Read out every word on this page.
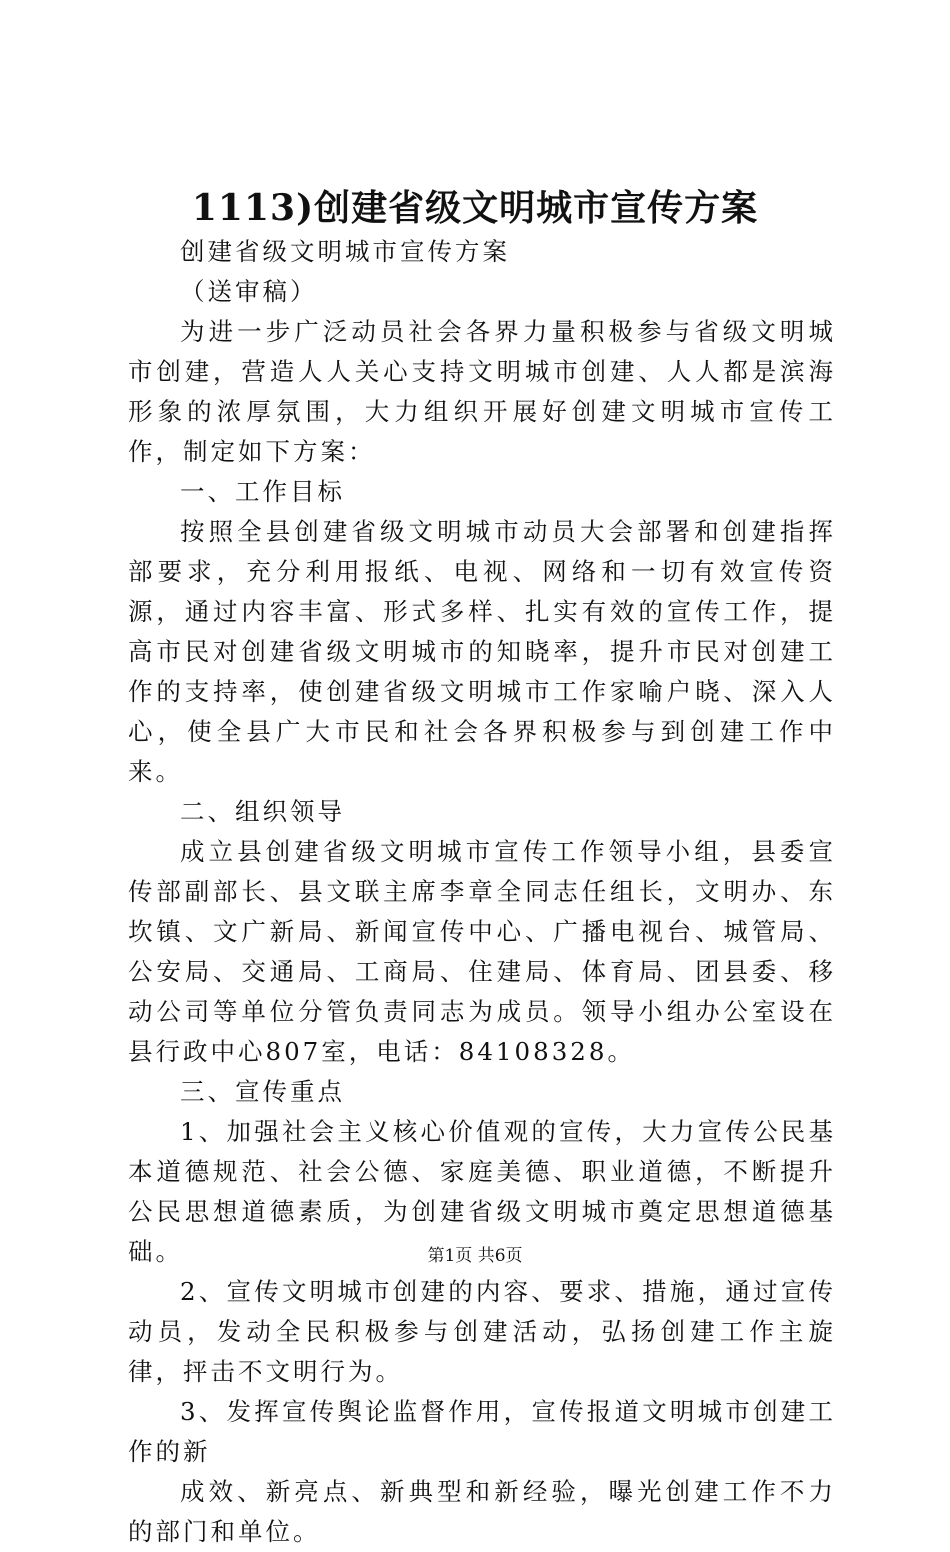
1113)创建省级文明城市宣传方案

创建省级文明城市宣传方案

（送审稿）

为进一步广泛动员社会各界力量积极参与省级文明城市创建，营造人人关心支持文明城市创建、人人都是滨海形象的浓厚氛围，大力组织开展好创建文明城市宣传工作，制定如下方案：

一、工作目标

按照全县创建省级文明城市动员大会部署和创建指挥部要求，充分利用报纸、电视、网络和一切有效宣传资源，通过内容丰富、形式多样、扎实有效的宣传工作，提高市民对创建省级文明城市的知晓率，提升市民对创建工作的支持率，使创建省级文明城市工作家喻户晓、深入人心，使全县广大市民和社会各界积极参与到创建工作中来。

二、组织领导

成立县创建省级文明城市宣传工作领导小组，县委宣传部副部长、县文联主席李章全同志任组长，文明办、东坎镇、文广新局、新闻宣传中心、广播电视台、城管局、公安局、交通局、工商局、住建局、体育局、团县委、移动公司等单位分管负责同志为成员。领导小组办公室设在县行政中心807室，电话：84108328。

三、宣传重点

1、加强社会主义核心价值观的宣传，大力宣传公民基本道德规范、社会公德、家庭美德、职业道德，不断提升公民思想道德素质，为创建省级文明城市奠定思想道德基础。

2、宣传文明城市创建的内容、要求、措施，通过宣传动员，发动全民积极参与创建活动，弘扬创建工作主旋律，抨击不文明行为。

3、发挥宣传舆论监督作用，宣传报道文明城市创建工作的新

成效、新亮点、新典型和新经验，曝光创建工作不力的部门和单位。

第1页 共6页
